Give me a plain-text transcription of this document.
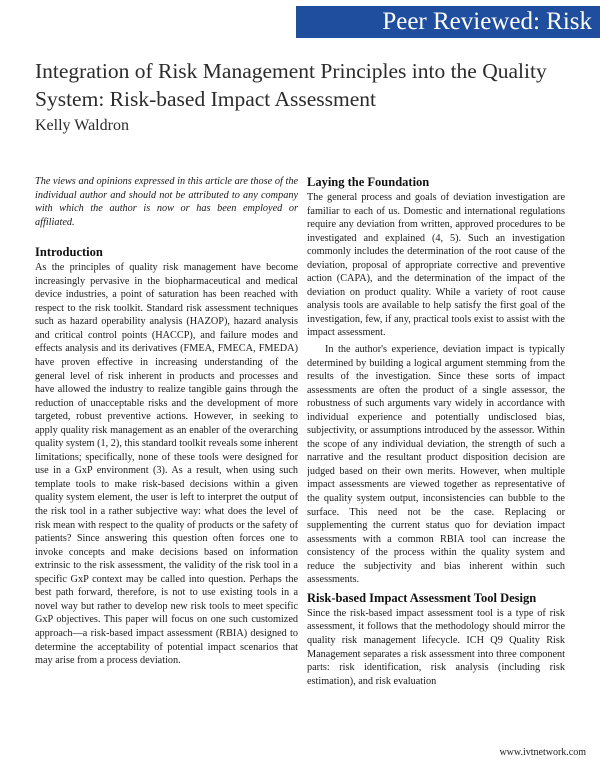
Peer Reviewed: Risk
Integration of Risk Management Principles into the Quality System: Risk-based Impact Assessment
Kelly Waldron

The views and opinions expressed in this article are those of the individual author and should not be attributed to any company with which the author is now or has been employed or affiliated.

Introduction

As the principles of quality risk management have become increasingly pervasive in the biopharmaceutical and medical device industries, a point of saturation has been reached with respect to the risk toolkit. Standard risk assessment techniques such as hazard operability analysis (HAZOP), hazard analysis and critical control points (HACCP), and failure modes and effects analysis and its derivatives (FMEA, FMECA, FMEDA) have proven effective in increasing understanding of the general level of risk inherent in products and processes and have allowed the industry to realize tangible gains through the reduction of unacceptable risks and the development of more targeted, robust preventive actions. However, in seeking to apply quality risk management as an enabler of the overarching quality system (1, 2), this standard toolkit reveals some inherent limitations; specifically, none of these tools were designed for use in a GxP environment (3). As a result, when using such template tools to make risk-based decisions within a given quality system element, the user is left to interpret the output of the risk tool in a rather subjective way: what does the level of risk mean with respect to the quality of products or the safety of patients? Since answering this question often forces one to invoke concepts and make decisions based on information extrinsic to the risk assessment, the validity of the risk tool in a specific GxP context may be called into question. Perhaps the best path forward, therefore, is not to use existing tools in a novel way but rather to develop new risk tools to meet specific GxP objectives. This paper will focus on one such customized approach—a risk-based impact assessment (RBIA) designed to determine the acceptability of potential impact scenarios that may arise from a process deviation.

Laying the Foundation

The general process and goals of deviation investigation are familiar to each of us. Domestic and international regulations require any deviation from written, approved procedures to be investigated and explained (4, 5). Such an investigation commonly includes the determination of the root cause of the deviation, proposal of appropriate corrective and preventive action (CAPA), and the determination of the impact of the deviation on product quality. While a variety of root cause analysis tools are available to help satisfy the first goal of the investigation, few, if any, practical tools exist to assist with the impact assessment.

In the author's experience, deviation impact is typically determined by building a logical argument stemming from the results of the investigation. Since these sorts of impact assessments are often the product of a single assessor, the robustness of such arguments vary widely in accordance with individual experience and potentially undisclosed bias, subjectivity, or assumptions introduced by the assessor. Within the scope of any individual deviation, the strength of such a narrative and the resultant product disposition decision are judged based on their own merits. However, when multiple impact assessments are viewed together as representative of the quality system output, inconsistencies can bubble to the surface. This need not be the case. Replacing or supplementing the current status quo for deviation impact assessments with a common RBIA tool can increase the consistency of the process within the quality system and reduce the subjectivity and bias inherent within such assessments.

Risk-based Impact Assessment Tool Design

Since the risk-based impact assessment tool is a type of risk assessment, it follows that the methodology should mirror the quality risk management lifecycle. ICH Q9 Quality Risk Management separates a risk assessment into three component parts: risk identification, risk analysis (including risk estimation), and risk evaluation

www.ivtnetwork.com
